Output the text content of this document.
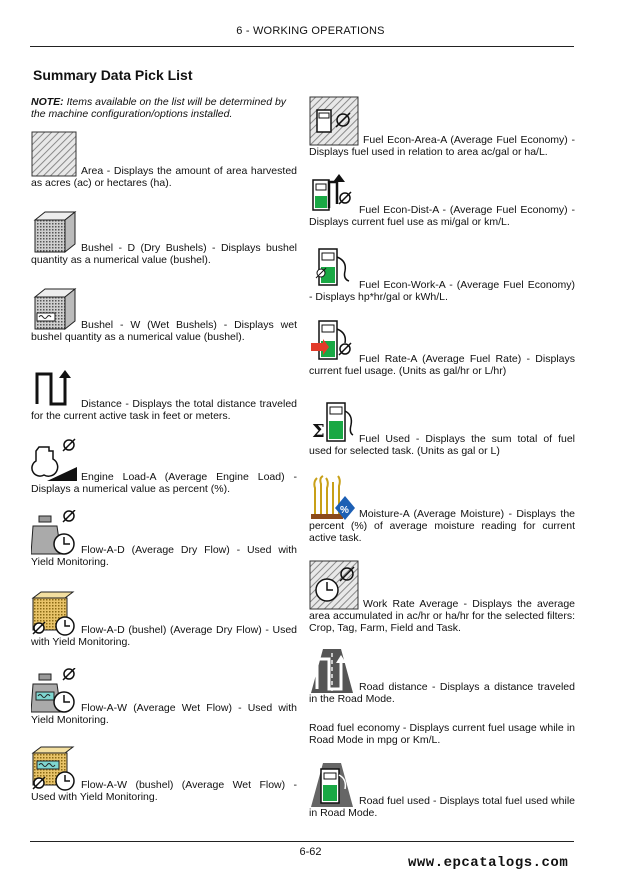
6 - WORKING OPERATIONS
Summary Data Pick List
NOTE: Items available on the list will be determined by the machine configuration/options installed.
Area - Displays the amount of area harvested as acres (ac) or hectares (ha).
Bushel - D (Dry Bushels) - Displays bushel quantity as a numerical value (bushel).
Bushel - W (Wet Bushels) - Displays wet bushel quantity as a numerical value (bushel).
Distance - Displays the total distance traveled for the current active task in feet or meters.
Engine Load-A (Average Engine Load) - Displays a numerical value as percent (%).
Flow-A-D (Average Dry Flow) - Used with Yield Monitoring.
Flow-A-D (bushel) (Average Dry Flow) - Used with Yield Monitoring.
Flow-A-W (Average Wet Flow) - Used with Yield Monitoring.
Flow-A-W (bushel) (Average Wet Flow) - Used with Yield Monitoring.
Fuel Econ-Area-A (Average Fuel Economy) - Displays fuel used in relation to area ac/gal or ha/L.
Fuel Econ-Dist-A - (Average Fuel Economy) - Displays current fuel use as mi/gal or km/L.
Fuel Econ-Work-A - (Average Fuel Economy) - Displays hp*hr/gal or kWh/L.
Fuel Rate-A (Average Fuel Rate) - Displays current fuel usage. (Units as gal/hr or L/hr)
Σ	Fuel Used - Displays the sum total of fuel used for selected task. (Units as gal or L)
% Moisture-A (Average Moisture) - Displays the percent (%) of average moisture reading for current active task.
Work Rate Average - Displays the average area accumulated in ac/hr or ha/hr for the selected filters: Crop, Tag, Farm, Field and Task.
Road distance - Displays a distance traveled in the Road Mode.
Road fuel economy - Displays current fuel usage while in Road Mode in mpg or Km/L.
Road fuel used - Displays total fuel used while in Road Mode.
6-62
www.epcatalogs.com
